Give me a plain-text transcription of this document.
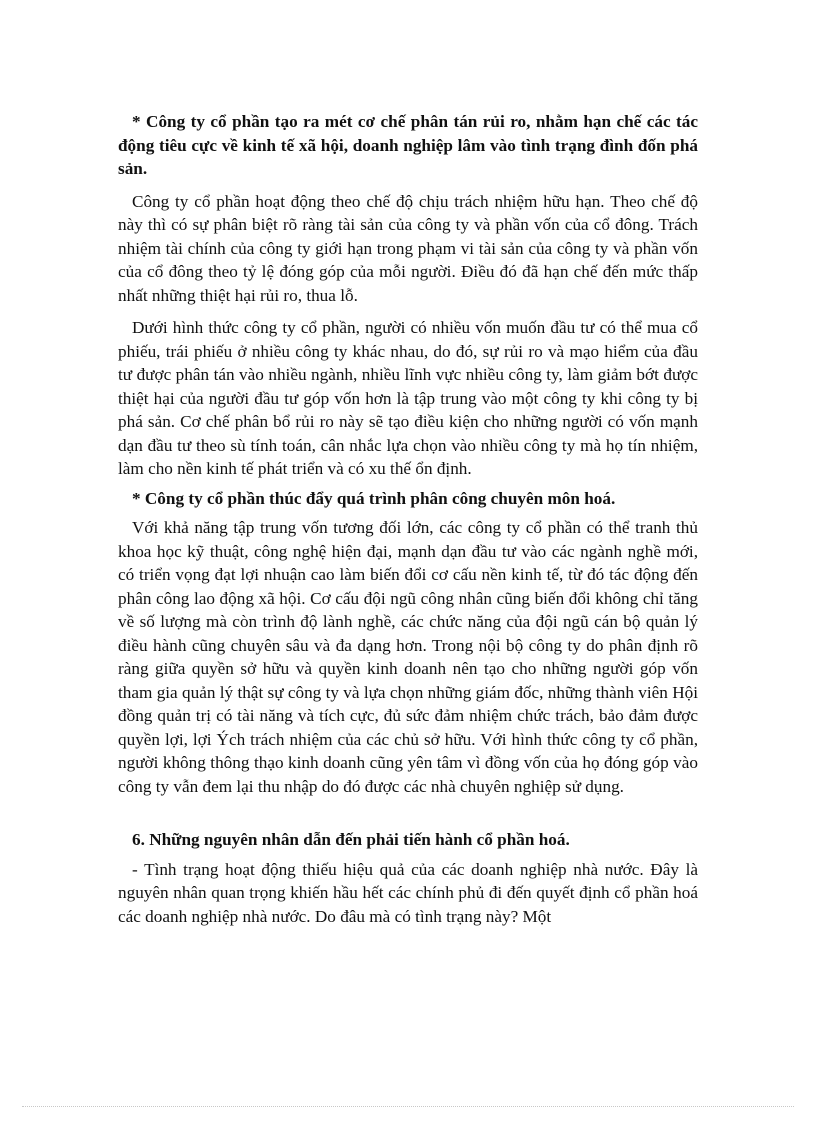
* Công ty cổ phần tạo ra mét cơ chế phân tán rủi ro, nhằm hạn chế các tác động tiêu cực về kinh tế xã hội, doanh nghiệp lâm vào tình trạng đình đốn phá sản.

Công ty cổ phần hoạt động theo chế độ chịu trách nhiệm hữu hạn. Theo chế độ này thì có sự phân biệt rõ ràng tài sản của công ty và phần vốn của cổ đông. Trách nhiệm tài chính của công ty giới hạn trong phạm vi tài sản của công ty và phần vốn của cổ đông theo tỷ lệ đóng góp của mỗi người. Điều đó đã hạn chế đến mức thấp nhất những thiệt hại rủi ro, thua lỗ.

Dưới hình thức công ty cổ phần, người có nhiều vốn muốn đầu tư có thể mua cổ phiếu, trái phiếu ở nhiều công ty khác nhau, do đó, sự rủi ro và mạo hiểm của đầu tư được phân tán vào nhiều ngành, nhiều lĩnh vực nhiều công ty, làm giảm bớt được thiệt hại của người đầu tư góp vốn hơn là tập trung vào một công ty khi công ty bị phá sản. Cơ chế phân bổ rủi ro này sẽ tạo điều kiện cho những người có vốn mạnh dạn đầu tư theo sù tính toán, cân nhắc lựa chọn vào nhiều công ty mà họ tín nhiệm, làm cho nền kinh tế phát triển và có xu thế ổn định.

* Công ty cổ phần thúc đẩy quá trình phân công chuyên môn hoá.

Với khả năng tập trung vốn tương đối lớn, các công ty cổ phần có thể tranh thủ khoa học kỹ thuật, công nghệ hiện đại, mạnh dạn đầu tư vào các ngành nghề mới, có triển vọng đạt lợi nhuận cao làm biến đổi cơ cấu nền kinh tế, từ đó tác động đến phân công lao động xã hội. Cơ cấu đội ngũ công nhân cũng biến đổi không chỉ tăng về số lượng mà còn trình độ lành nghề, các chức năng của đội ngũ cán bộ quản lý điều hành cũng chuyên sâu và đa dạng hơn. Trong nội bộ công ty do phân định rõ ràng giữa quyền sở hữu và quyền kinh doanh nên tạo cho những người góp vốn tham gia quản lý thật sự công ty và lựa chọn những giám đốc, những thành viên Hội đồng quản trị có tài năng và tích cực, đủ sức đảm nhiệm chức trách, bảo đảm được quyền lợi, lợi Ých trách nhiệm của các chủ sở hữu. Với hình thức công ty cổ phần, người không thông thạo kinh doanh cũng yên tâm vì đồng vốn của họ đóng góp vào công ty vẫn đem lại thu nhập do đó được các nhà chuyên nghiệp sử dụng.

6. Những nguyên nhân dẫn đến phải tiến hành cổ phần hoá.

- Tình trạng hoạt động thiếu hiệu quả của các doanh nghiệp nhà nước. Đây là nguyên nhân quan trọng khiến hầu hết các chính phủ đi đến quyết định cổ phần hoá các doanh nghiệp nhà nước. Do đâu mà có tình trạng này? Một
